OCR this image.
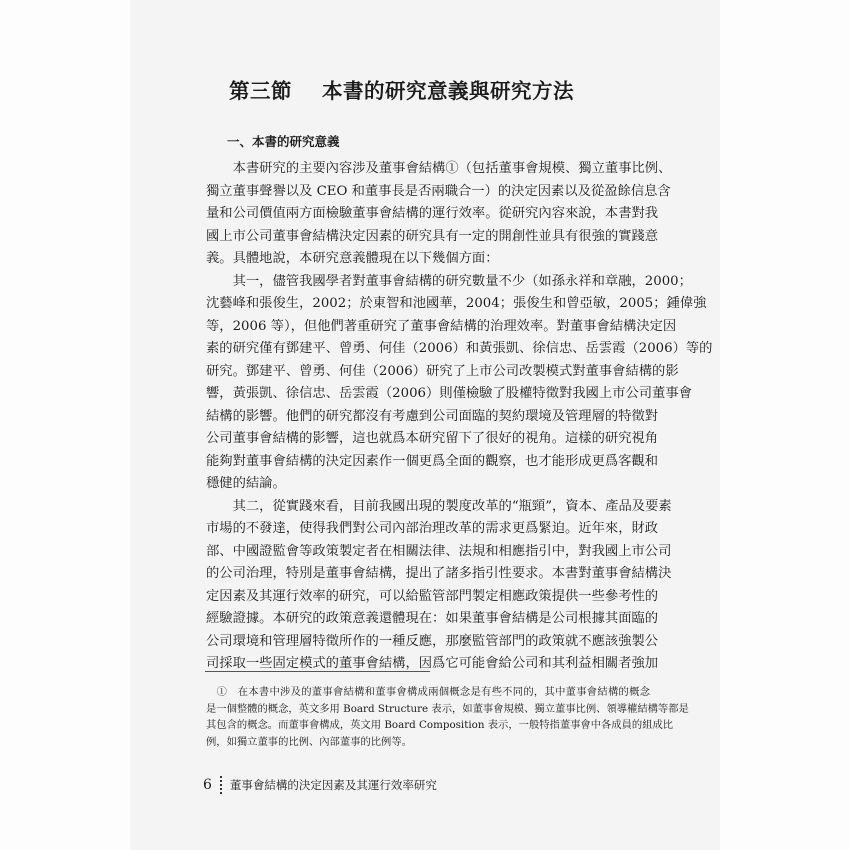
第三節 本書的研究意義與研究方法
一、本書的研究意義
　　本書研究的主要內容涉及董事會結構①（包括董事會規模、獨立董事比例、
獨立董事聲譽以及 CEO 和董事長是否兩職合一）的決定因素以及從盈餘信息含
量和公司價值兩方面檢驗董事會結構的運行效率。從研究內容來說，本書對我
國上市公司董事會結構決定因素的研究具有一定的開創性並具有很強的實踐意
義。具體地說，本研究意義體現在以下幾個方面：
　　其一，儘管我國學者對董事會結構的研究數量不少（如孫永祥和章融，2000；
沈藝峰和張俊生，2002；於東智和池國華，2004；張俊生和曾亞敏，2005；鍾偉強
等，2006 等），但他們著重研究了董事會結構的治理效率。對董事會結構決定因
素的研究僅有鄧建平、曾勇、何佳（2006）和黃張凱、徐信忠、岳雲霞（2006）等的
研究。鄧建平、曾勇、何佳（2006）研究了上市公司改製模式對董事會結構的影
響，黃張凱、徐信忠、岳雲霞（2006）則僅檢驗了股權特徵對我國上市公司董事會
結構的影響。他們的研究都沒有考慮到公司面臨的契約環境及管理層的特徵對
公司董事會結構的影響，這也就爲本研究留下了很好的視角。這樣的研究視角
能夠對董事會結構的決定因素作一個更爲全面的觀察，也才能形成更爲客觀和
穩健的結論。
　　其二，從實踐來看，目前我國出現的製度改革的“瓶頸”，資本、產品及要素
市場的不發達，使得我們對公司內部治理改革的需求更爲緊迫。近年來，財政
部、中國證監會等政策製定者在相關法律、法規和相應指引中，對我國上市公司
的公司治理，特別是董事會結構，提出了諸多指引性要求。本書對董事會結構決
定因素及其運行效率的研究，可以給監管部門製定相應政策提供一些參考性的
經驗證據。本研究的政策意義還體現在：如果董事會結構是公司根據其面臨的
公司環境和管理層特徵所作的一種反應，那麼監管部門的政策就不應該強製公
司採取一些固定模式的董事會結構，因爲它可能會給公司和其利益相關者強加
　①　在本書中涉及的董事會結構和董事會構成兩個概念是有些不同的，其中董事會結構的概念
是一個整體的概念，英文多用 Board Structure 表示，如董事會規模、獨立董事比例、領導權結構等都是
其包含的概念。而董事會構成，英文用 Board Composition 表示，一般特指董事會中各成員的組成比
例，如獨立董事的比例、內部董事的比例等。
6 董事會結構的決定因素及其運行效率研究
